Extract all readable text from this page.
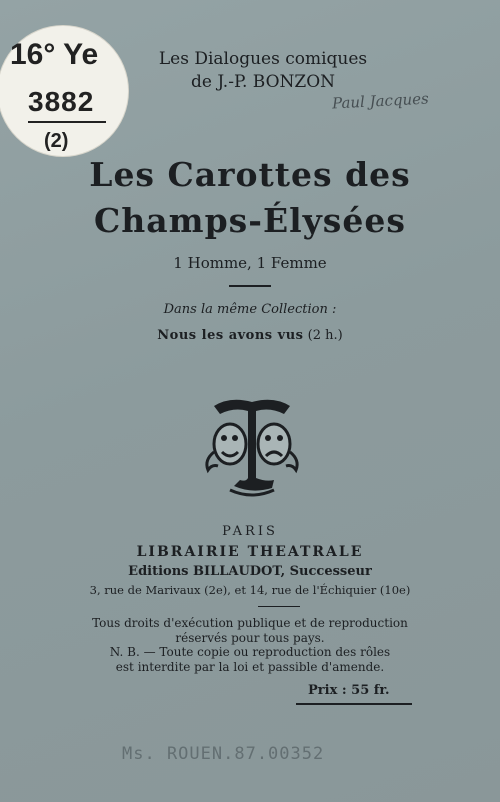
16° Ye
3882
(2)
Les Dialogues comiques
de J.-P. BONZON
Paul Jacques
Les Carottes des
Champs-Élysées
1 Homme, 1 Femme
Dans la même Collection :
Nous les avons vus (2 h.)
PARIS
LIBRAIRIE THEATRALE
Editions BILLAUDOT, Successeur
3, rue de Marivaux (2e), et 14, rue de l'Échiquier (10e)
Tous droits d'exécution publique et de reproduction
réservés pour tous pays.
N. B. — Toute copie ou reproduction des rôles
est interdite par la loi et passible d'amende.
Prix : 55 fr.
Ms. ROUEN.87.00352
